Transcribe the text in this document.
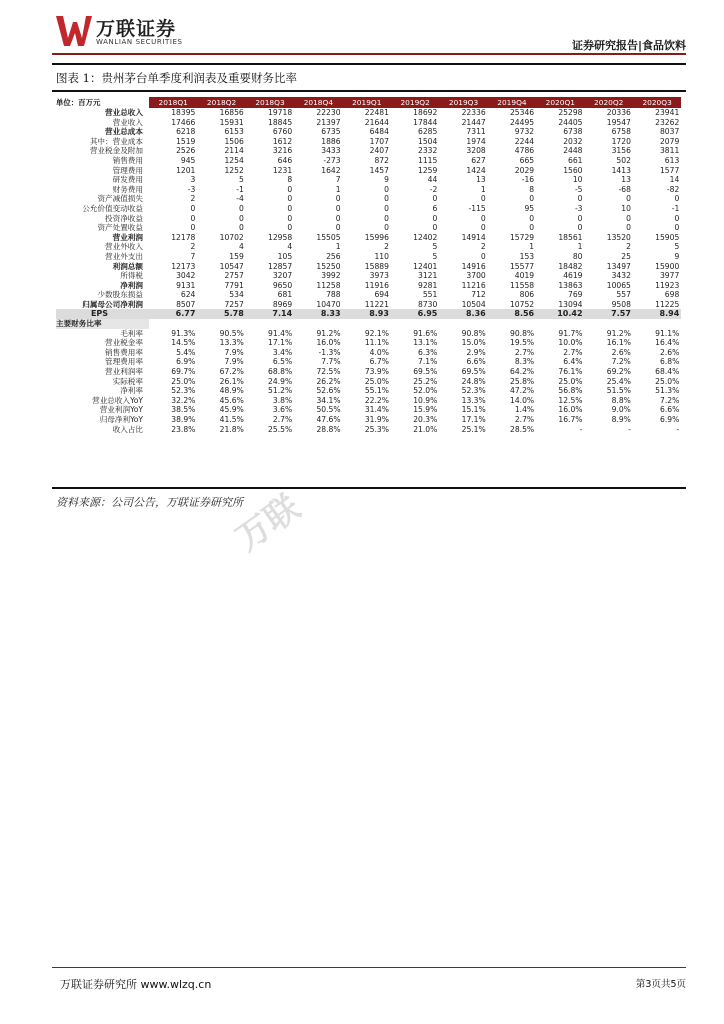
万联证券
WANLIAN SECURITIES	证券研究报告|食品饮料
图表 1：贵州茅台单季度利润表及重要财务比率
单位：百万元	2018Q1	2018Q2	2018Q3	2018Q4	2019Q1	2019Q2	2019Q3	2019Q4	2020Q1	2020Q2	2020Q3
营业总收入	18395	16856	19718	22230	22481	18692	22336	25346	25298	20336	23941
营业收入	17466	15931	18845	21397	21644	17844	21447	24495	24405	19547	23262
营业总成本	6218	6153	6760	6735	6484	6285	7311	9732	6738	6758	8037
其中：营业成本	1519	1506	1612	1886	1707	1504	1974	2244	2032	1720	2079
营业税金及附加	2526	2114	3216	3433	2407	2332	3208	4786	2448	3156	3811
销售费用	945	1254	646	-273	872	1115	627	665	661	502	613
管理费用	1201	1252	1231	1642	1457	1259	1424	2029	1560	1413	1577
研发费用	3	5	8	7	9	44	13	-16	10	13	14
财务费用	-3	-1	0	1	0	-2	1	8	-5	-68	-82
资产减值损失	2	-4	0	0	0	0	0	0	0	0	0
公允价值变动收益	0	0	0	0	0	6	-115	95	-3	10	-1
投资净收益	0	0	0	0	0	0	0	0	0	0	0
资产处置收益	0	0	0	0	0	0	0	0	0	0	0
营业利润	12178	10702	12958	15505	15996	12402	14914	15729	18561	13520	15905
营业外收入	2	4	4	1	2	5	2	1	1	2	5
营业外支出	7	159	105	256	110	5	0	153	80	25	9
利润总额	12173	10547	12857	15250	15889	12401	14916	15577	18482	13497	15900
所得税	3042	2757	3207	3992	3973	3121	3700	4019	4619	3432	3977
净利润	9131	7791	9650	11258	11916	9281	11216	11558	13863	10065	11923
少数股东损益	624	534	681	788	694	551	712	806	769	557	698
归属母公司净利润	8507	7257	8969	10470	11221	8730	10504	10752	13094	9508	11225
EPS	6.77	5.78	7.14	8.33	8.93	6.95	8.36	8.56	10.42	7.57	8.94
主要财务比率											
毛利率	91.3%	90.5%	91.4%	91.2%	92.1%	91.6%	90.8%	90.8%	91.7%	91.2%	91.1%
营业税金率	14.5%	13.3%	17.1%	16.0%	11.1%	13.1%	15.0%	19.5%	10.0%	16.1%	16.4%
销售费用率	5.4%	7.9%	3.4%	-1.3%	4.0%	6.3%	2.9%	2.7%	2.7%	2.6%	2.6%
管理费用率	6.9%	7.9%	6.5%	7.7%	6.7%	7.1%	6.6%	8.3%	6.4%	7.2%	6.8%
营业利润率	69.7%	67.2%	68.8%	72.5%	73.9%	69.5%	69.5%	64.2%	76.1%	69.2%	68.4%
实际税率	25.0%	26.1%	24.9%	26.2%	25.0%	25.2%	24.8%	25.8%	25.0%	25.4%	25.0%
净利率	52.3%	48.9%	51.2%	52.6%	55.1%	52.0%	52.3%	47.2%	56.8%	51.5%	51.3%
营业总收入YoY	32.2%	45.6%	3.8%	34.1%	22.2%	10.9%	13.3%	14.0%	12.5%	8.8%	7.2%
营业利润YoY	38.5%	45.9%	3.6%	50.5%	31.4%	15.9%	15.1%	1.4%	16.0%	9.0%	6.6%
归母净利YoY	38.9%	41.5%	2.7%	47.6%	31.9%	20.3%	17.1%	2.7%	16.7%	8.9%	6.9%
收入占比	23.8%	21.8%	25.5%	28.8%	25.3%	21.0%	25.1%	28.5%	-	-	-
资料来源：公司公告，万联证券研究所
万联
万联证券研究所 www.wlzq.cn	第3页共5页
